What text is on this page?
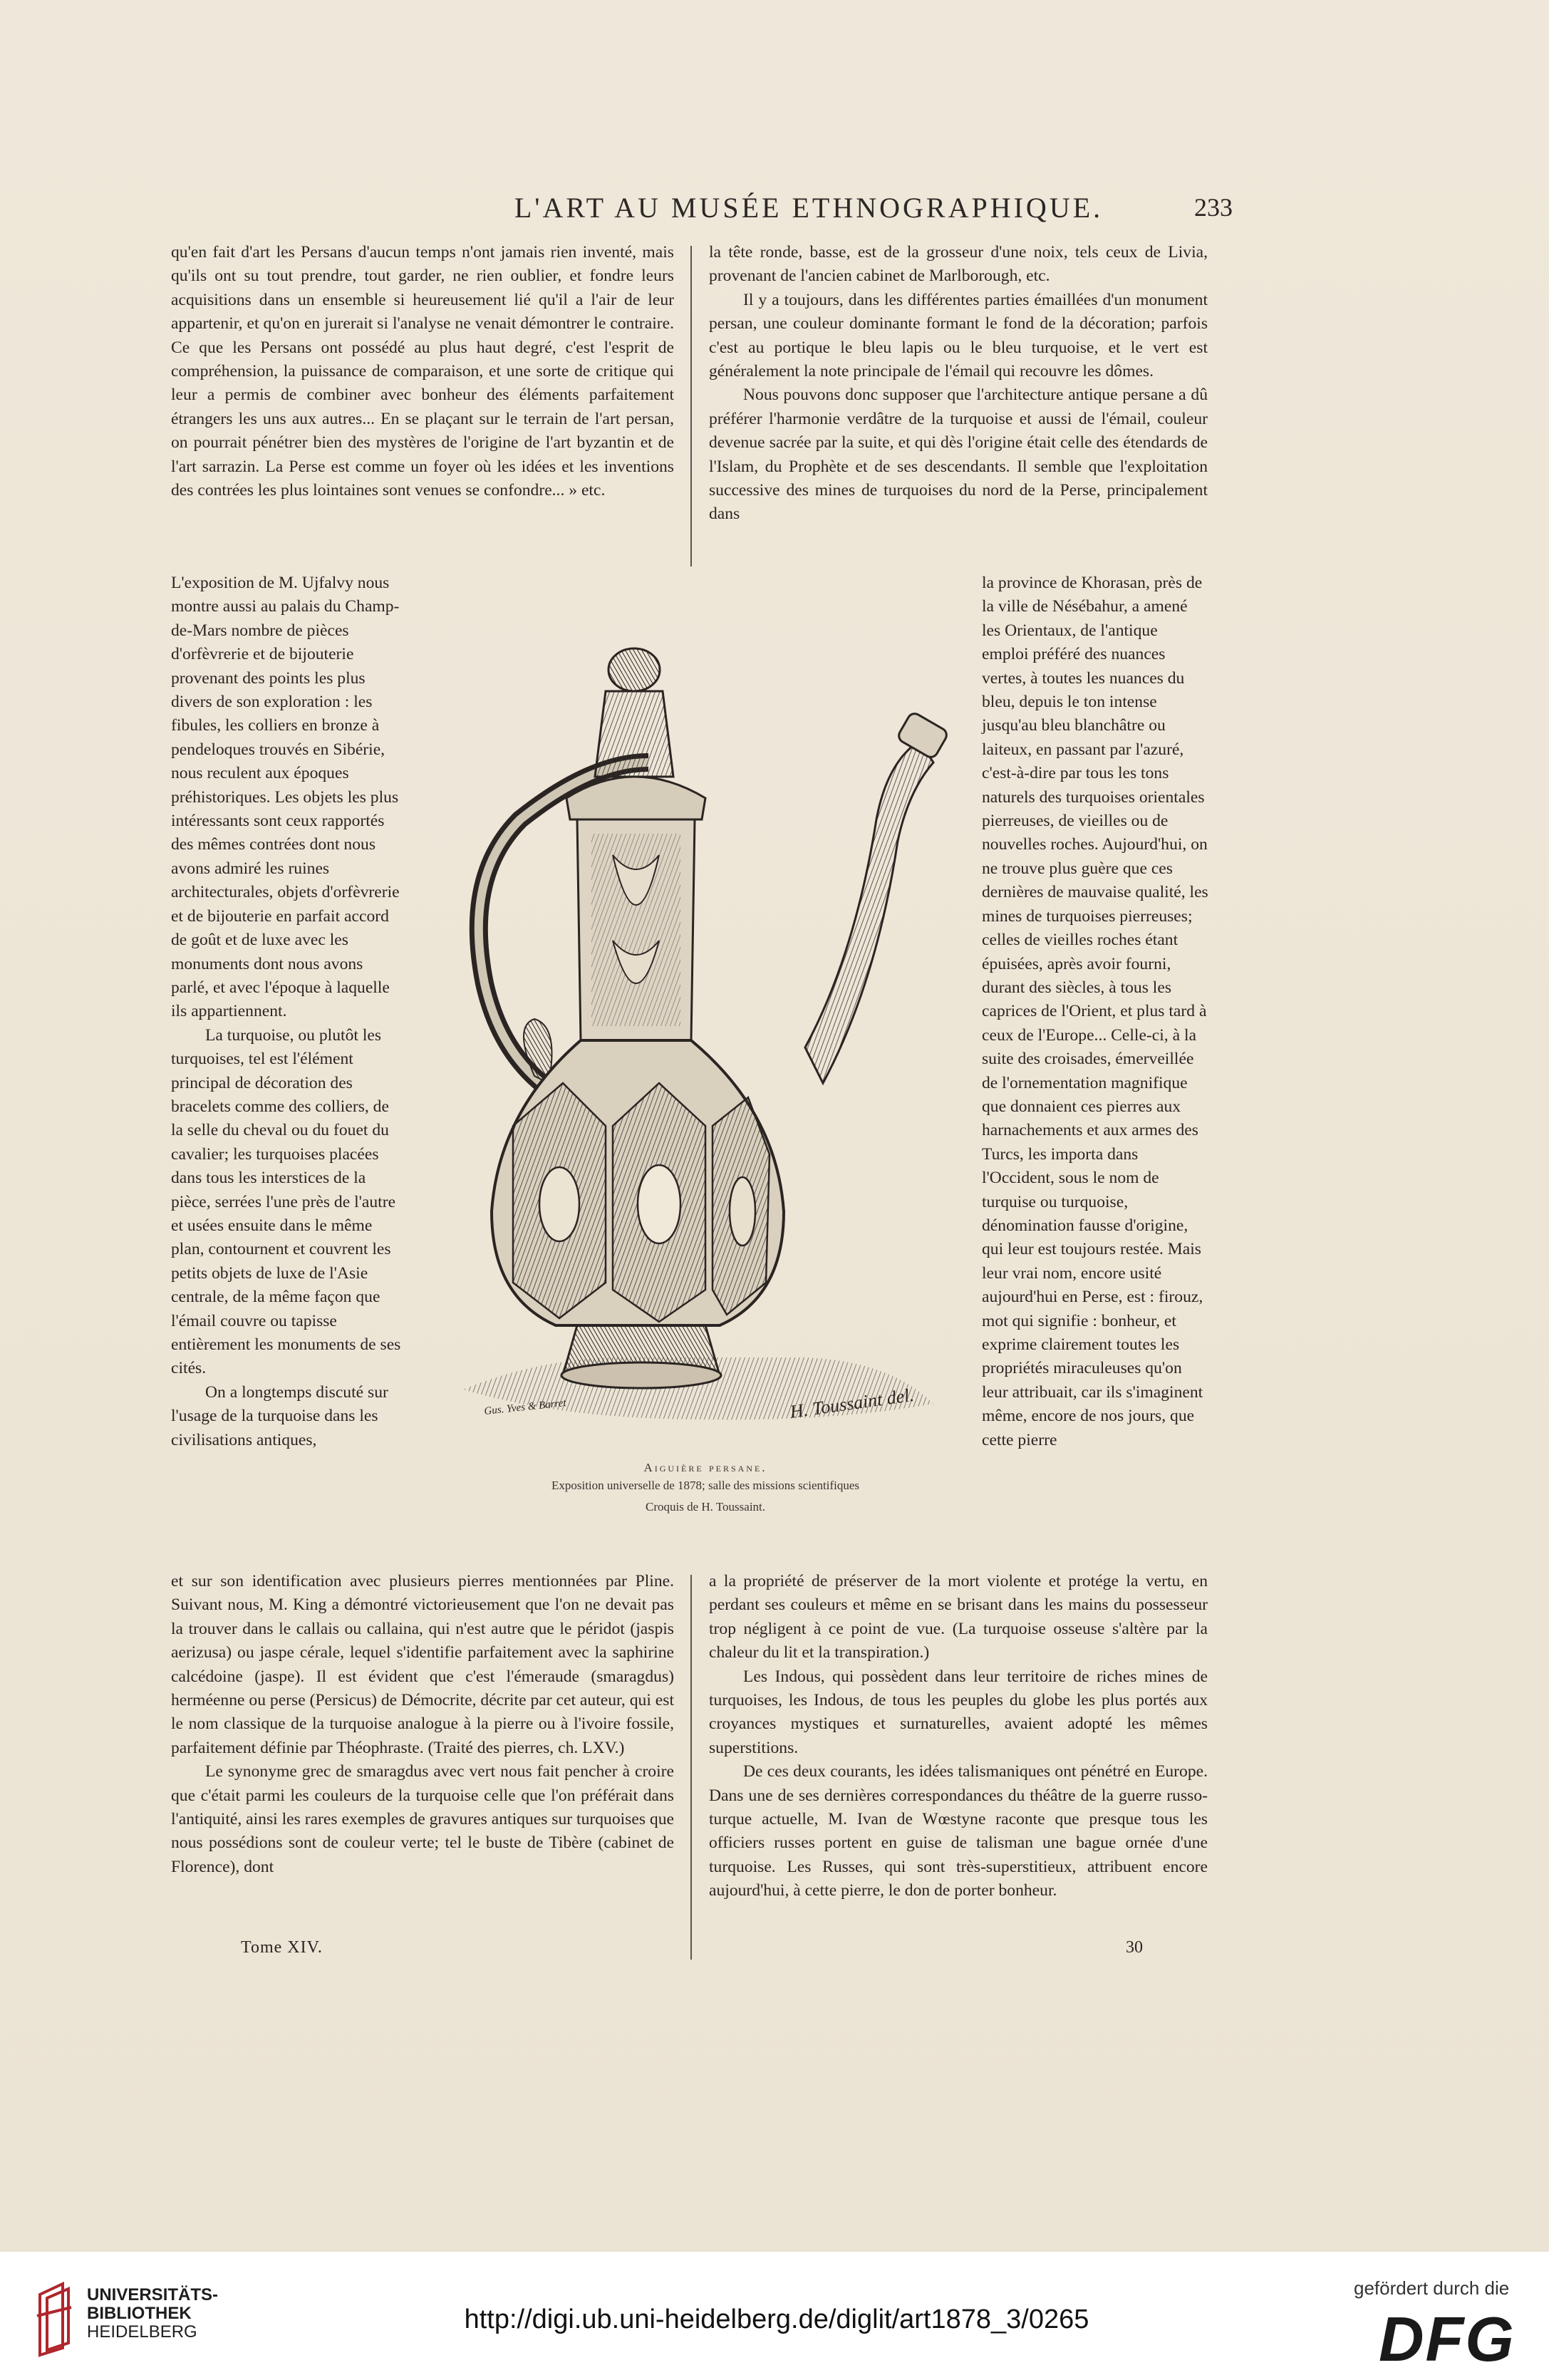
L'ART AU MUSÉE ETHNOGRAPHIQUE.	233

qu'en fait d'art les Persans d'aucun temps n'ont jamais rien inventé, mais qu'ils ont su tout prendre, tout garder, ne rien oublier, et fondre leurs acquisitions dans un ensemble si heureusement lié qu'il a l'air de leur appartenir, et qu'on en jurerait si l'analyse ne venait démontrer le contraire. Ce que les Persans ont possédé au plus haut degré, c'est l'esprit de compréhension, la puissance de comparaison, et une sorte de critique qui leur a permis de combiner avec bonheur des éléments parfaitement étrangers les uns aux autres... En se plaçant sur le terrain de l'art persan, on pourrait pénétrer bien des mystères de l'origine de l'art byzantin et de l'art sarrazin. La Perse est comme un foyer où les idées et les inventions des contrées les plus lointaines sont venues se confondre... » etc.

L'exposition de M. Ujfalvy nous montre aussi au palais du Champ-de-Mars nombre de pièces d'orfèvrerie et de bijouterie provenant des points les plus divers de son exploration : les fibules, les colliers en bronze à pendeloques trouvés en Sibérie, nous reculent aux époques préhistoriques. Les objets les plus intéressants sont ceux rapportés des mêmes contrées dont nous avons admiré les ruines architecturales, objets d'orfèvrerie et de bijouterie en parfait accord de goût et de luxe avec les monuments dont nous avons parlé, et avec l'époque à laquelle ils appartiennent.

La turquoise, ou plutôt les turquoises, tel est l'élément principal de décoration des bracelets comme des colliers, de la selle du cheval ou du fouet du cavalier; les turquoises placées dans tous les interstices de la pièce, serrées l'une près de l'autre et usées ensuite dans le même plan, contournent et couvrent les petits objets de luxe de l'Asie centrale, de la même façon que l'émail couvre ou tapisse entièrement les monuments de ses cités.

On a longtemps discuté sur l'usage de la turquoise dans les civilisations antiques,

et sur son identification avec plusieurs pierres mentionnées par Pline. Suivant nous, M. King a démontré victorieusement que l'on ne devait pas la trouver dans le callais ou callaina, qui n'est autre que le péridot (jaspis aerizusa) ou jaspe cérale, lequel s'identifie parfaitement avec la saphirine calcédoine (jaspe). Il est évident que c'est l'émeraude (smaragdus) herméenne ou perse (Persicus) de Démocrite, décrite par cet auteur, qui est le nom classique de la turquoise analogue à la pierre ou à l'ivoire fossile, parfaitement définie par Théophraste. (Traité des pierres, ch. LXV.)

Le synonyme grec de smaragdus avec vert nous fait pencher à croire que c'était parmi les couleurs de la turquoise celle que l'on préférait dans l'antiquité, ainsi les rares exemples de gravures antiques sur turquoises que nous possédions sont de couleur verte; tel le buste de Tibère (cabinet de Florence), dont

la tête ronde, basse, est de la grosseur d'une noix, tels ceux de Livia, provenant de l'ancien cabinet de Marlborough, etc.

Il y a toujours, dans les différentes parties émaillées d'un monument persan, une couleur dominante formant le fond de la décoration; parfois c'est au portique le bleu lapis ou le bleu turquoise, et le vert est généralement la note principale de l'émail qui recouvre les dômes.

Nous pouvons donc supposer que l'architecture antique persane a dû préférer l'harmonie verdâtre de la turquoise et aussi de l'émail, couleur devenue sacrée par la suite, et qui dès l'origine était celle des étendards de l'Islam, du Prophète et de ses descendants. Il semble que l'exploitation successive des mines de turquoises du nord de la Perse, principalement dans

la province de Khorasan, près de la ville de Nésébahur, a amené les Orientaux, de l'antique emploi préféré des nuances vertes, à toutes les nuances du bleu, depuis le ton intense jusqu'au bleu blanchâtre ou laiteux, en passant par l'azuré, c'est-à-dire par tous les tons naturels des turquoises orientales pierreuses, de vieilles ou de nouvelles roches. Aujourd'hui, on ne trouve plus guère que ces dernières de mauvaise qualité, les mines de turquoises pierreuses; celles de vieilles roches étant épuisées, après avoir fourni, durant des siècles, à tous les caprices de l'Orient, et plus tard à ceux de l'Europe... Celle-ci, à la suite des croisades, émerveillée de l'ornementation magnifique que donnaient ces pierres aux harnachements et aux armes des Turcs, les importa dans l'Occident, sous le nom de turquise ou turquoise, dénomination fausse d'origine, qui leur est toujours restée. Mais leur vrai nom, encore usité aujourd'hui en Perse, est : firouz, mot qui signifie : bonheur, et exprime clairement toutes les propriétés miraculeuses qu'on leur attribuait, car ils s'imaginent même, encore de nos jours, que cette pierre

a la propriété de préserver de la mort violente et protége la vertu, en perdant ses couleurs et même en se brisant dans les mains du possesseur trop négligent à ce point de vue. (La turquoise osseuse s'altère par la chaleur du lit et la transpiration.)

Les Indous, qui possèdent dans leur territoire de riches mines de turquoises, les Indous, de tous les peuples du globe les plus portés aux croyances mystiques et surnaturelles, avaient adopté les mêmes superstitions.

De ces deux courants, les idées talismaniques ont pénétré en Europe. Dans une de ses dernières correspondances du théâtre de la guerre russo-turque actuelle, M. Ivan de Wœstyne raconte que presque tous les officiers russes portent en guise de talisman une bague ornée d'une turquoise. Les Russes, qui sont très-superstitieux, attribuent encore aujourd'hui, à cette pierre, le don de porter bonheur.

Gus. Yves & Barret	H. Toussaint del.
Aiguière persane.
Exposition universelle de 1878; salle des missions scientifiques
Croquis de H. Toussaint.
Tome XIV.	30
UNIVERSITÄTS-
BIBLIOTHEK
HEIDELBERG	http://digi.ub.uni-heidelberg.de/diglit/art1878_3/0265
gefördert durch die
DFG
